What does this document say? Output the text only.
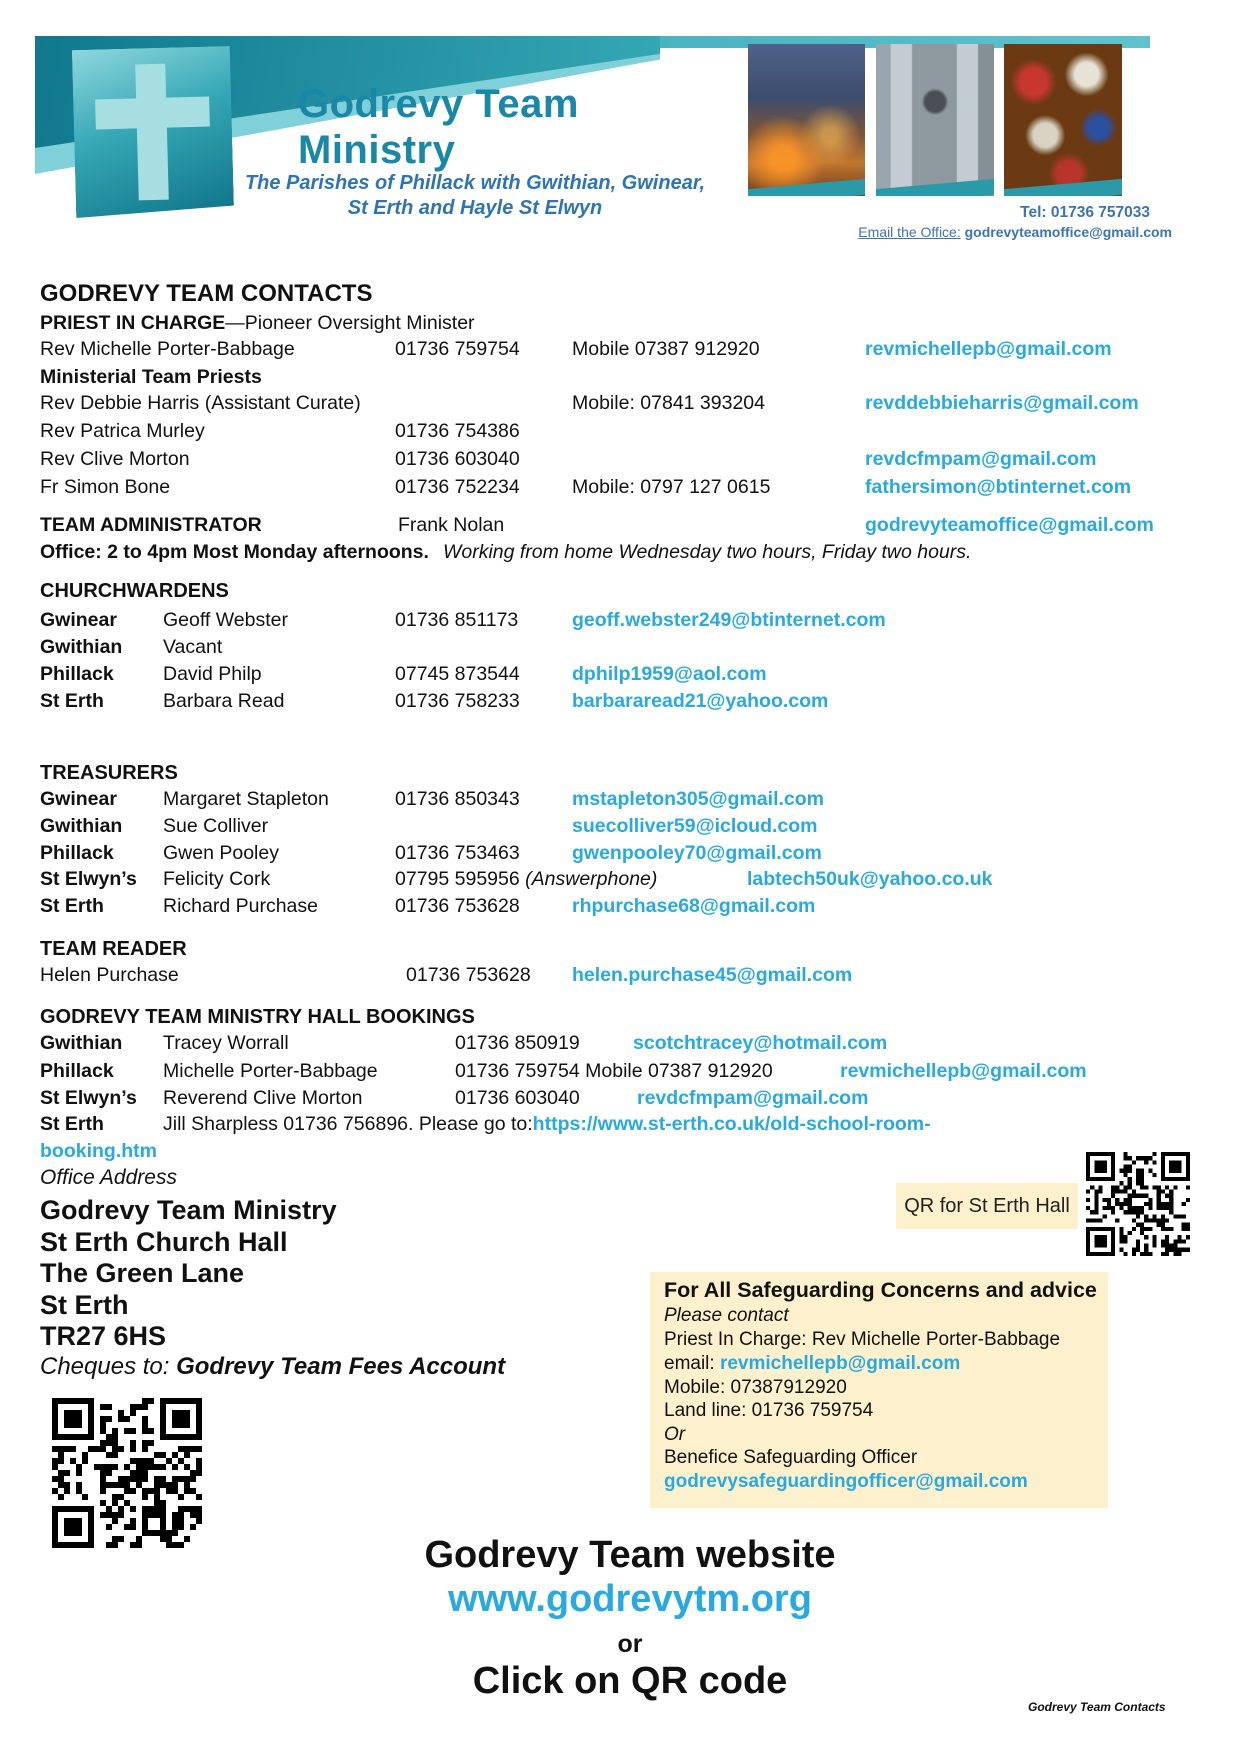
Godrevy Team
Ministry
The Parishes of Phillack with Gwithian, Gwinear,
St Erth and Hayle St Elwyn	Tel: 01736 757033
Email the Office: godrevyteamoffice@gmail.com
GODREVY TEAM CONTACTS
PRIEST IN CHARGE—Pioneer Oversight Minister
Rev Michelle Porter-Babbage	01736 759754	Mobile 07387 912920	revmichellepb@gmail.com
Ministerial Team Priests
Rev Debbie Harris (Assistant Curate)	Mobile: 07841 393204	revddebbieharris@gmail.com
Rev Patrica Murley	01736 754386
Rev Clive Morton	01736 603040	revdcfmpam@gmail.com
Fr Simon Bone	01736 752234	Mobile: 0797 127 0615	fathersimon@btinternet.com
TEAM ADMINISTRATOR	Frank Nolan	godrevyteamoffice@gmail.com
Office: 2 to 4pm Most Monday afternoons. Working from home Wednesday two hours, Friday two hours.
CHURCHWARDENS
Gwinear Geoff Webster	01736 851173	geoff.webster249@btinternet.com
Gwithian Vacant
Phillack	David Philp	07745 873544	dphilp1959@aol.com
St Erth	Barbara Read	01736 758233	barbararead21@yahoo.com
TREASURERS
Gwinear Margaret Stapleton	01736 850343	mstapleton305@gmail.com
Gwithian Sue Colliver	suecolliver59@icloud.com
Phillack	Gwen Pooley	01736 753463	gwenpooley70@gmail.com
St Elwyn’s Felicity Cork	07795 595956 (Answerphone)	labtech50uk@yahoo.co.uk
St Erth	Richard Purchase	01736 753628	rhpurchase68@gmail.com
TEAM READER
Helen Purchase	01736 753628 helen.purchase45@gmail.com
GODREVY TEAM MINISTRY HALL BOOKINGS
Gwithian Tracey Worrall	01736 850919	scotchtracey@hotmail.com
Phillack	Michelle Porter-Babbage	01736 759754 Mobile 07387 912920	revmichellepb@gmail.com
St Elwyn’s Reverend Clive Morton	01736 603040	revdcfmpam@gmail.com
St Erth	Jill Sharpless 01736 756896. Please go to:https://www.st-erth.co.uk/old-school-room-
booking.htm
Office Address
Godrevy Team Ministry
St Erth Church Hall
The Green Lane
St Erth
TR27 6HS
Cheques to: Godrevy Team Fees Account
QR for St Erth Hall
For All Safeguarding Concerns and advice
Please contact
Priest In Charge: Rev Michelle Porter-Babbage
email: revmichellepb@gmail.com
Mobile: 07387912920
Land line: 01736 759754
Or
Benefice Safeguarding Officer
godrevysafeguardingofficer@gmail.com
Godrevy Team website
www.godrevytm.org
or
Click on QR code
Godrevy Team Contacts
